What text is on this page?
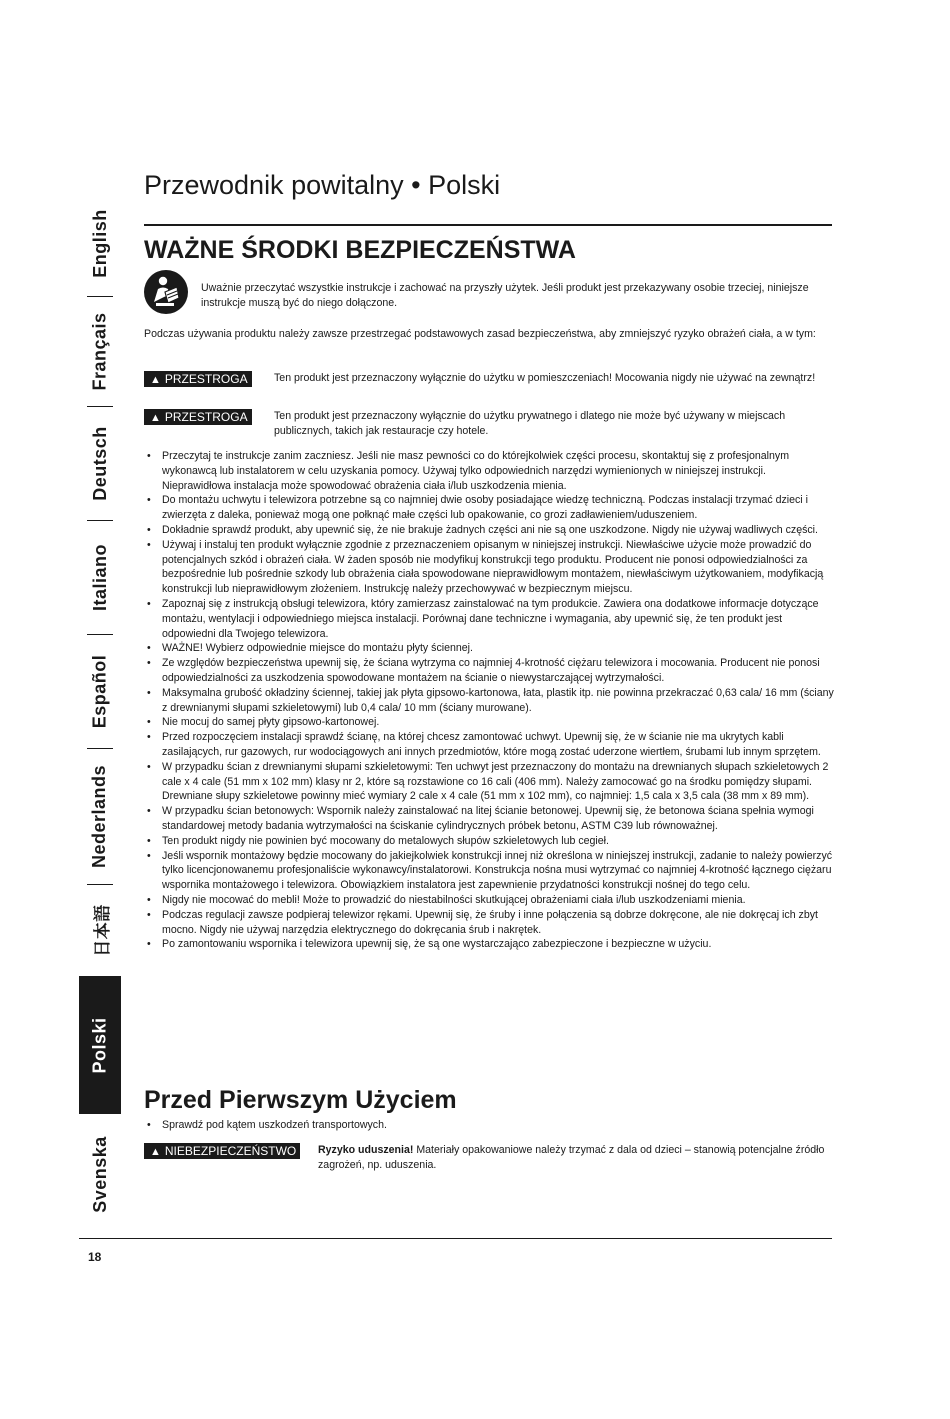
English
Français
Deutsch
Italiano
Español
Nederlands
日本語
Polski
Svenska
Przewodnik powitalny • Polski
WAŻNE ŚRODKI BEZPIECZEŃSTWA
Uważnie przeczytać wszystkie instrukcje i zachować na przyszły użytek. Jeśli produkt jest przekazywany osobie trzeciej, niniejsze instrukcje muszą być do niego dołączone.
Podczas używania produktu należy zawsze przestrzegać podstawowych zasad bezpieczeństwa, aby zmniejszyć ryzyko obrażeń ciała, a w tym:
▲ PRZESTROGA	Ten produkt jest przeznaczony wyłącznie do użytku w pomieszczeniach! Mocowania nigdy nie używać na zewnątrz!
▲ PRZESTROGA	Ten produkt jest przeznaczony wyłącznie do użytku prywatnego i dlatego nie może być używany w miejscach publicznych, takich jak restauracje czy hotele.
• Przeczytaj te instrukcje zanim zaczniesz. Jeśli nie masz pewności co do którejkolwiek części procesu, skontaktuj się z profesjonalnym wykonawcą lub instalatorem w celu uzyskania pomocy. Używaj tylko odpowiednich narzędzi wymienionych w niniejszej instrukcji. Nieprawidłowa instalacja może spowodować obrażenia ciała i/lub uszkodzenia mienia.
• Do montażu uchwytu i telewizora potrzebne są co najmniej dwie osoby posiadające wiedzę techniczną. Podczas instalacji trzymać dzieci i zwierzęta z daleka, ponieważ mogą one połknąć małe części lub opakowanie, co grozi zadławieniem/uduszeniem.
• Dokładnie sprawdź produkt, aby upewnić się, że nie brakuje żadnych części ani nie są one uszkodzone. Nigdy nie używaj wadliwych części.
• Używaj i instaluj ten produkt wyłącznie zgodnie z przeznaczeniem opisanym w niniejszej instrukcji. Niewłaściwe użycie może prowadzić do potencjalnych szkód i obrażeń ciała. W żaden sposób nie modyfikuj konstrukcji tego produktu. Producent nie ponosi odpowiedzialności za bezpośrednie lub pośrednie szkody lub obrażenia ciała spowodowane nieprawidłowym montażem, niewłaściwym użytkowaniem, modyfikacją konstrukcji lub nieprawidłowym złożeniem. Instrukcję należy przechowywać w bezpiecznym miejscu.
• Zapoznaj się z instrukcją obsługi telewizora, który zamierzasz zainstalować na tym produkcie. Zawiera ona dodatkowe informacje dotyczące montażu, wentylacji i odpowiedniego miejsca instalacji. Porównaj dane techniczne i wymagania, aby upewnić się, że ten produkt jest odpowiedni dla Twojego telewizora.
• WAŻNE! Wybierz odpowiednie miejsce do montażu płyty ściennej.
• Ze względów bezpieczeństwa upewnij się, że ściana wytrzyma co najmniej 4-krotność ciężaru telewizora i mocowania. Producent nie ponosi odpowiedzialności za uszkodzenia spowodowane montażem na ścianie o niewystarczającej wytrzymałości.
• Maksymalna grubość okładziny ściennej, takiej jak płyta gipsowo-kartonowa, łata, plastik itp. nie powinna przekraczać 0,63 cala/ 16 mm (ściany z drewnianymi słupami szkieletowymi) lub 0,4 cala/ 10 mm (ściany murowane).
• Nie mocuj do samej płyty gipsowo-kartonowej.
• Przed rozpoczęciem instalacji sprawdź ścianę, na której chcesz zamontować uchwyt. Upewnij się, że w ścianie nie ma ukrytych kabli zasilających, rur gazowych, rur wodociągowych ani innych przedmiotów, które mogą zostać uderzone wiertłem, śrubami lub innym sprzętem.
• W przypadku ścian z drewnianymi słupami szkieletowymi: Ten uchwyt jest przeznaczony do montażu na drewnianych słupach szkieletowych 2 cale x 4 cale (51 mm x 102 mm) klasy nr 2, które są rozstawione co 16 cali (406 mm). Należy zamocować go na środku pomiędzy słupami. Drewniane słupy szkieletowe powinny mieć wymiary 2 cale x 4 cale (51 mm x 102 mm), co najmniej: 1,5 cala x 3,5 cala (38 mm x 89 mm).
• W przypadku ścian betonowych: Wspornik należy zainstalować na litej ścianie betonowej. Upewnij się, że betonowa ściana spełnia wymogi standardowej metody badania wytrzymałości na ściskanie cylindrycznych próbek betonu, ASTM C39 lub równoważnej.
• Ten produkt nigdy nie powinien być mocowany do metalowych słupów szkieletowych lub cegieł.
• Jeśli wspornik montażowy będzie mocowany do jakiejkolwiek konstrukcji innej niż określona w niniejszej instrukcji, zadanie to należy powierzyć tylko licencjonowanemu profesjonaliście wykonawcy/instalatorowi. Konstrukcja nośna musi wytrzymać co najmniej 4-krotność łącznego ciężaru wspornika montażowego i telewizora. Obowiązkiem instalatora jest zapewnienie przydatności konstrukcji nośnej do tego celu.
• Nigdy nie mocować do mebli! Może to prowadzić do niestabilności skutkującej obrażeniami ciała i/lub uszkodzeniami mienia.
• Podczas regulacji zawsze podpieraj telewizor rękami. Upewnij się, że śruby i inne połączenia są dobrze dokręcone, ale nie dokręcaj ich zbyt mocno. Nigdy nie używaj narzędzia elektrycznego do dokręcania śrub i nakrętek.
• Po zamontowaniu wspornika i telewizora upewnij się, że są one wystarczająco zabezpieczone i bezpieczne w użyciu.
Przed Pierwszym Użyciem
• Sprawdź pod kątem uszkodzeń transportowych.
▲ NIEBEZPIECZEŃSTWO	Ryzyko uduszenia! Materiały opakowaniowe należy trzymać z dala od dzieci – stanowią potencjalne źródło zagrożeń, np. uduszenia.
18
